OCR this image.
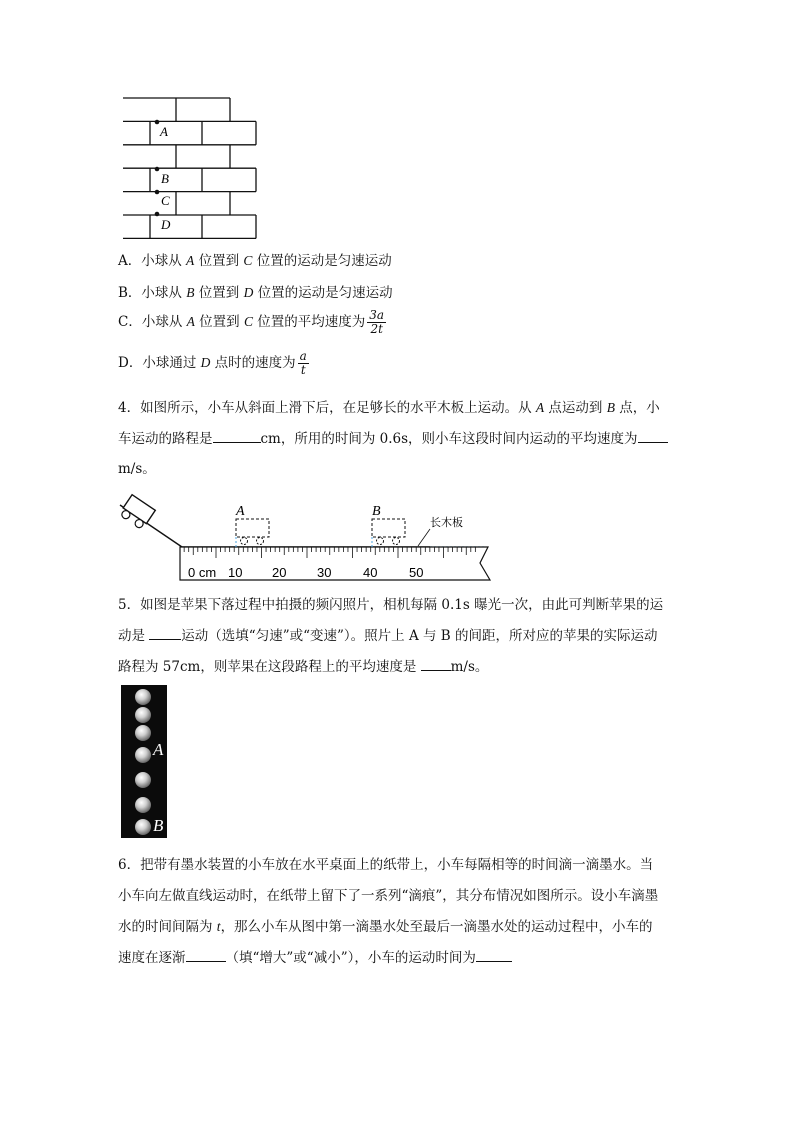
A
B
C
D
A．小球从 A 位置到 C 位置的运动是匀速运动
B．小球从 B 位置到 D 位置的运动是匀速运动
C．小球从 A 位置到 C 位置的平均速度为 $\frac{3a}{2t}$
D．小球通过 D 点时的速度为 $\frac{a}{t}$
4．如图所示，小车从斜面上滑下后，在足够长的水平木板上运动。从 A 点运动到 B 点，小
车运动的路程是	cm，所用的时间为 0.6s，则小车这段时间内运动的平均速度为
m/s。
A	B
长木板
0 cm 10 20 30 40 50
5．如图是苹果下落过程中拍摄的频闪照片，相机每隔 0.1s 曝光一次，由此可判断苹果的运
动是 运动（选填“匀速”或“变速”）。照片上 A 与 B 的间距，所对应的苹果的实际运动
路程为 57cm，则苹果在这段路程上的平均速度是 m/s。
A
B
6．把带有墨水装置的小车放在水平桌面上的纸带上，小车每隔相等的时间滴一滴墨水。当
小车向左做直线运动时，在纸带上留下了一系列“滴痕”，其分布情况如图所示。设小车滴墨
水的时间间隔为 t，那么小车从图中第一滴墨水处至最后一滴墨水处的运动过程中，小车的
速度在逐渐	（填“增大”或“减小”），小车的运动时间为
